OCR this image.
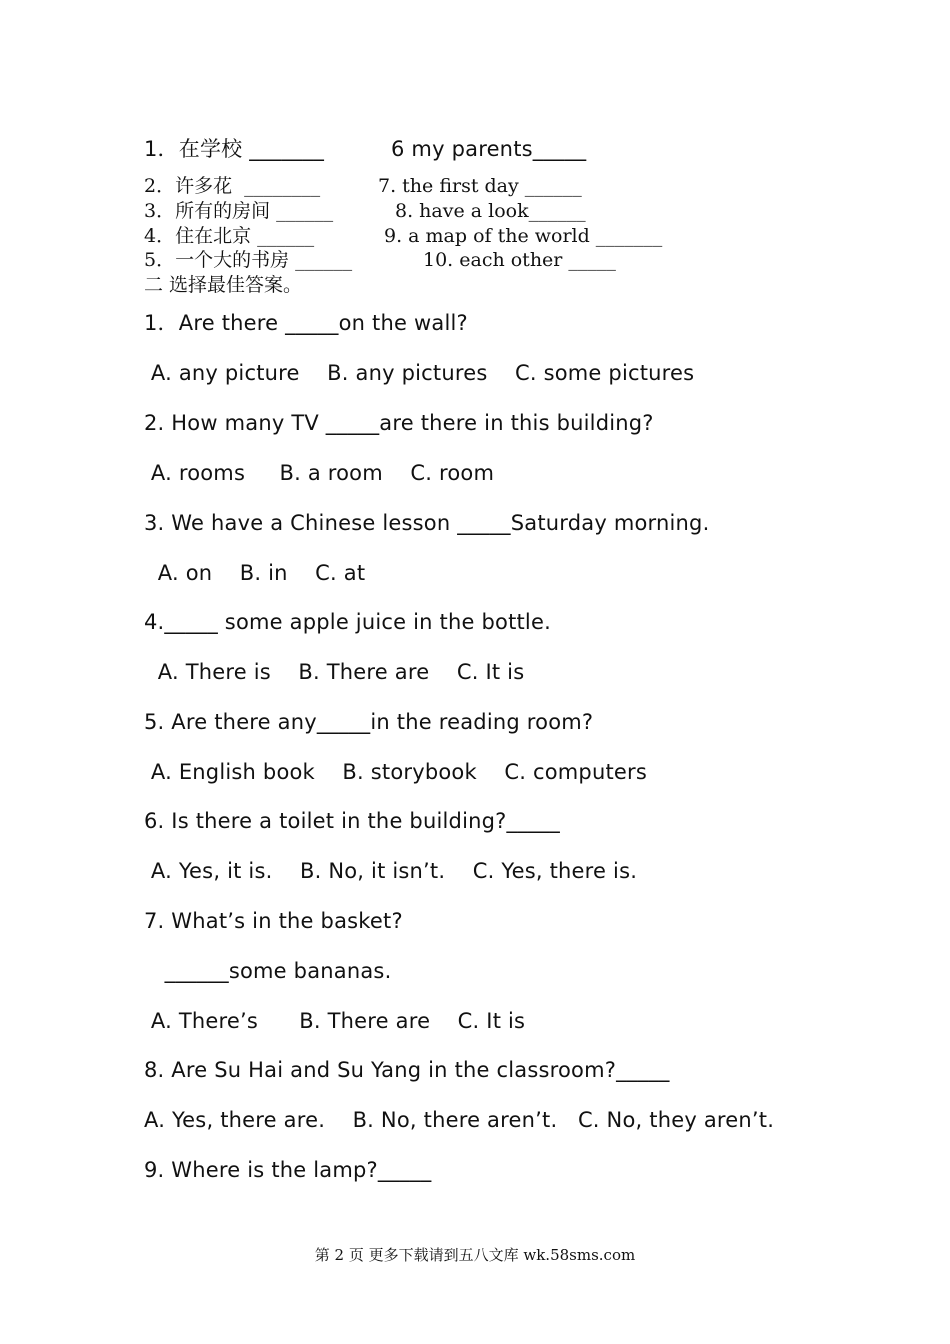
1．在学校 _______	6 my parents_____
2．许多花  ________	7. the first day ______
3．所有的房间 ______	8. have a look______
4．住在北京 ______	9. a map of the world _______
5．一个大的书房 ______	10. each other _____
二 选择最佳答案。
1．Are there _____on the wall?
A. any picture    B. any pictures    C. some pictures
2. How many TV _____are there in this building?
A. rooms     B. a room    C. room
3. We have a Chinese lesson _____Saturday morning.
A. on    B. in    C. at
4._____ some apple juice in the bottle.
A. There is    B. There are    C. It is
5. Are there any_____in the reading room?
A. English book    B. storybook    C. computers
6. Is there a toilet in the building?_____
A. Yes, it is.    B. No, it isn’t.    C. Yes, there is.
7. What’s in the basket?
______some bananas.
A. There’s      B. There are    C. It is
8. Are Su Hai and Su Yang in the classroom?_____
A. Yes, there are.    B. No, there aren’t.   C. No, they aren’t.
9. Where is the lamp?_____
第 2 页 更多下载请到五八文库 wk.58sms.com
